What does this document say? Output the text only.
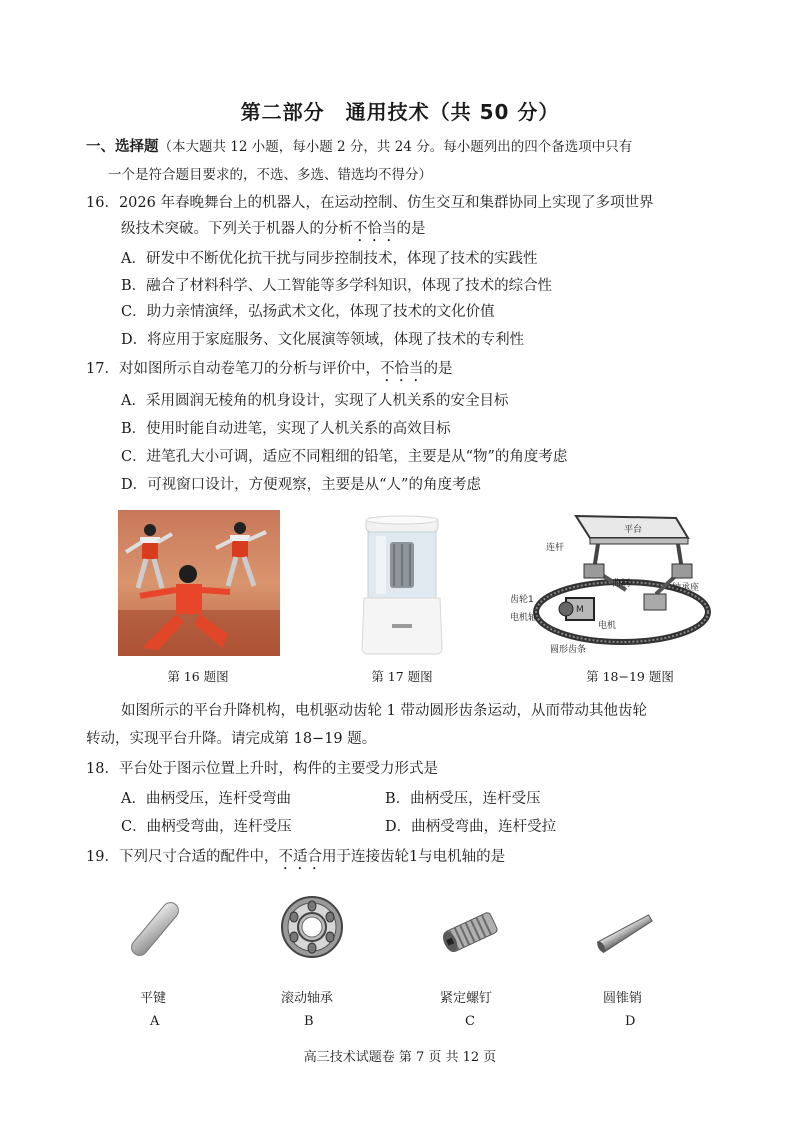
第二部分　通用技术（共 50 分）
一、选择题（本大题共 12 小题，每小题 2 分，共 24 分。每小题列出的四个备选项中只有
一个是符合题目要求的，不选、多选、错选均不得分）
16．2026 年春晚舞台上的机器人，在运动控制、仿生交互和集群协同上实现了多项世界
级技术突破。下列关于机器人的分析不恰当的是
A．研发中不断优化抗干扰与同步控制技术，体现了技术的实践性
B．融合了材料科学、人工智能等多学科知识，体现了技术的综合性
C．助力亲情演绎，弘扬武术文化，体现了技术的文化价值
D．将应用于家庭服务、文化展演等领域，体现了技术的专利性
17．对如图所示自动卷笔刀的分析与评价中，不恰当的是
A．采用圆润无棱角的机身设计，实现了人机关系的安全目标
B．使用时能自动进笔，实现了人机关系的高效目标
C．进笔孔大小可调，适应不同粗细的铅笔，主要是从“物”的角度考虑
D．可视窗口设计，方便观察，主要是从“人”的角度考虑
平台
连杆
曲柄	轴承座
齿轮1
电机轴
M
电机
圆形齿条
第 16 题图	第 17 题图	第 18−19 题图
如图所示的平台升降机构，电机驱动齿轮 1 带动圆形齿条运动，从而带动其他齿轮
转动，实现平台升降。请完成第 18−19 题。
18．平台处于图示位置上升时，构件的主要受力形式是
A．曲柄受压，连杆受弯曲	B．曲柄受压，连杆受压
C．曲柄受弯曲，连杆受压	D．曲柄受弯曲，连杆受拉
19．下列尺寸合适的配件中，不适合用于连接齿轮1与电机轴的是
平键	滚动轴承	紧定螺钉	圆锥销
A	B	C	D
高三技术试题卷 第 7 页 共 12 页
